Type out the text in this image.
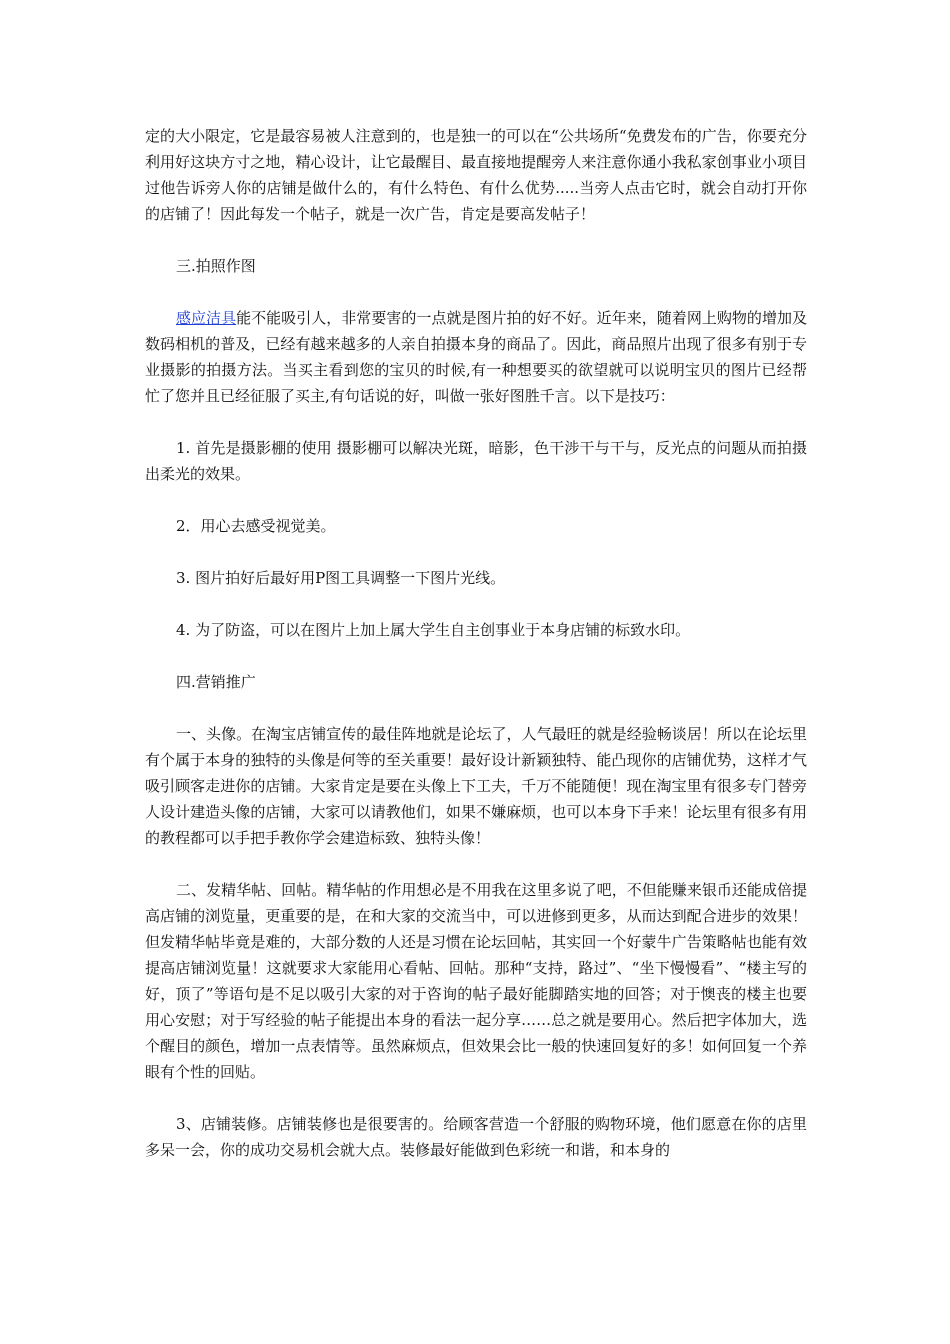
定的大小限定，它是最容易被人注意到的，也是独一的可以在“公共场所“免费发布的广告，你要充分利用好这块方寸之地，精心设计，让它最醒目、最直接地提醒旁人来注意你通小我私家创事业小项目过他告诉旁人你的店铺是做什么的，有什么特色、有什么优势.....当旁人点击它时，就会自动打开你的店铺了！因此每发一个帖子，就是一次广告，肯定是要高发帖子！

三.拍照作图

感应洁具能不能吸引人，非常要害的一点就是图片拍的好不好。近年来，随着网上购物的增加及数码相机的普及，已经有越来越多的人亲自拍摄本身的商品了。因此，商品照片出现了很多有别于专业摄影的拍摄方法。当买主看到您的宝贝的时候,有一种想要买的欲望就可以说明宝贝的图片已经帮忙了您并且已经征服了买主,有句话说的好，叫做一张好图胜千言。以下是技巧：

1. 首先是摄影棚的使用 摄影棚可以解决光斑，暗影，色干涉干与干与，反光点的问题从而拍摄出柔光的效果。

2．用心去感受视觉美。

3. 图片拍好后最好用P图工具调整一下图片光线。

4. 为了防盗，可以在图片上加上属大学生自主创事业于本身店铺的标致水印。

四.营销推广

一、头像。在淘宝店铺宣传的最佳阵地就是论坛了，人气最旺的就是经验畅谈居！所以在论坛里有个属于本身的独特的头像是何等的至关重要！最好设计新颖独特、能凸现你的店铺优势，这样才气吸引顾客走进你的店铺。大家肯定是要在头像上下工夫，千万不能随便！现在淘宝里有很多专门替旁人设计建造头像的店铺，大家可以请教他们，如果不嫌麻烦，也可以本身下手来！论坛里有很多有用的教程都可以手把手教你学会建造标致、独特头像！

二、发精华帖、回帖。精华帖的作用想必是不用我在这里多说了吧，不但能赚来银币还能成倍提高店铺的浏览量，更重要的是，在和大家的交流当中，可以进修到更多，从而达到配合进步的效果！但发精华帖毕竟是难的，大部分数的人还是习惯在论坛回帖，其实回一个好蒙牛广告策略帖也能有效提高店铺浏览量！这就要求大家能用心看帖、回帖。那种“支持，路过”、“坐下慢慢看”、“楼主写的好，顶了”等语句是不足以吸引大家的对于咨询的帖子最好能脚踏实地的回答；对于懊丧的楼主也要用心安慰；对于写经验的帖子能提出本身的看法一起分享……总之就是要用心。然后把字体加大，选个醒目的颜色，增加一点表情等。虽然麻烦点，但效果会比一般的快速回复好的多！如何回复一个养眼有个性的回贴。

3、店铺装修。店铺装修也是很要害的。给顾客营造一个舒服的购物环境，他们愿意在你的店里多呆一会，你的成功交易机会就大点。装修最好能做到色彩统一和谐，和本身的
